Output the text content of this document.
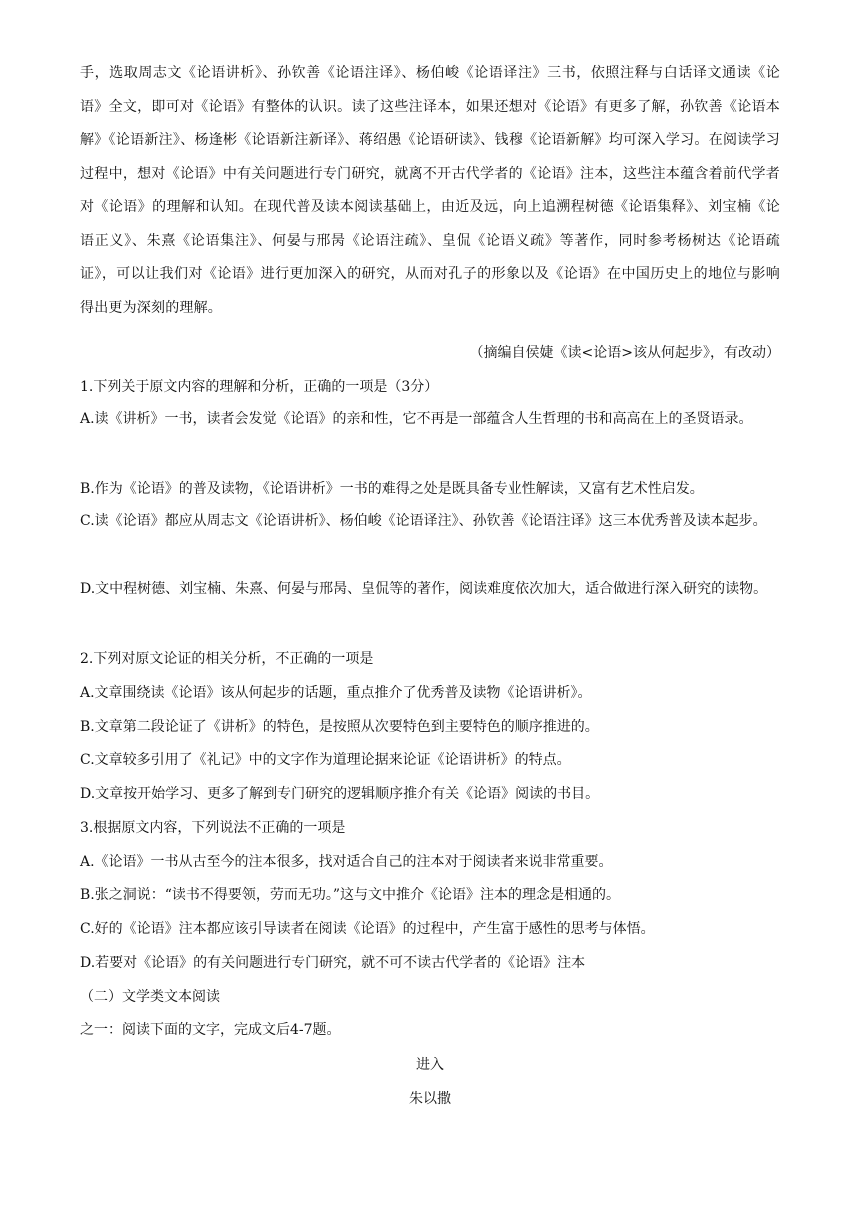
手，选取周志文《论语讲析》、孙钦善《论语注译》、杨伯峻《论语译注》三书，依照注释与白话译文通读《论语》全文，即可对《论语》有整体的认识。读了这些注译本，如果还想对《论语》有更多了解，孙钦善《论语本解》《论语新注》、杨逢彬《论语新注新译》、蒋绍愚《论语研读》、钱穆《论语新解》均可深入学习。在阅读学习过程中，想对《论语》中有关问题进行专门研究，就离不开古代学者的《论语》注本，这些注本蕴含着前代学者对《论语》的理解和认知。在现代普及读本阅读基础上，由近及远，向上追溯程树德《论语集释》、刘宝楠《论语正义》、朱熹《论语集注》、何晏与邢昺《论语注疏》、皇侃《论语义疏》等著作，同时参考杨树达《论语疏证》，可以让我们对《论语》进行更加深入的研究，从而对孔子的形象以及《论语》在中国历史上的地位与影响得出更为深刻的理解。

（摘编自侯婕《读<论语>该从何起步》，有改动）

1.下列关于原文内容的理解和分析，正确的一项是（3分）

A.读《讲析》一书，读者会发觉《论语》的亲和性，它不再是一部蕴含人生哲理的书和高高在上的圣贤语录。

B.作为《论语》的普及读物，《论语讲析》一书的难得之处是既具备专业性解读，又富有艺术性启发。

C.读《论语》都应从周志文《论语讲析》、杨伯峻《论语译注》、孙钦善《论语注译》这三本优秀普及读本起步。

D.文中程树德、刘宝楠、朱熹、何晏与邢昺、皇侃等的著作，阅读难度依次加大，适合做进行深入研究的读物。

2.下列对原文论证的相关分析，不正确的一项是

A.文章围绕读《论语》该从何起步的话题，重点推介了优秀普及读物《论语讲析》。

B.文章第二段论证了《讲析》的特色，是按照从次要特色到主要特色的顺序推进的。

C.文章较多引用了《礼记》中的文字作为道理论据来论证《论语讲析》的特点。

D.文章按开始学习、更多了解到专门研究的逻辑顺序推介有关《论语》阅读的书目。

3.根据原文内容，下列说法不正确的一项是

A.《论语》一书从古至今的注本很多，找对适合自己的注本对于阅读者来说非常重要。

B.张之洞说：“读书不得要领，劳而无功。”这与文中推介《论语》注本的理念是相通的。

C.好的《论语》注本都应该引导读者在阅读《论语》的过程中，产生富于感性的思考与体悟。

D.若要对《论语》的有关问题进行专门研究，就不可不读古代学者的《论语》注本

（二）文学类文本阅读

之一：阅读下面的文字，完成文后4-7题。

进入

朱以撒
